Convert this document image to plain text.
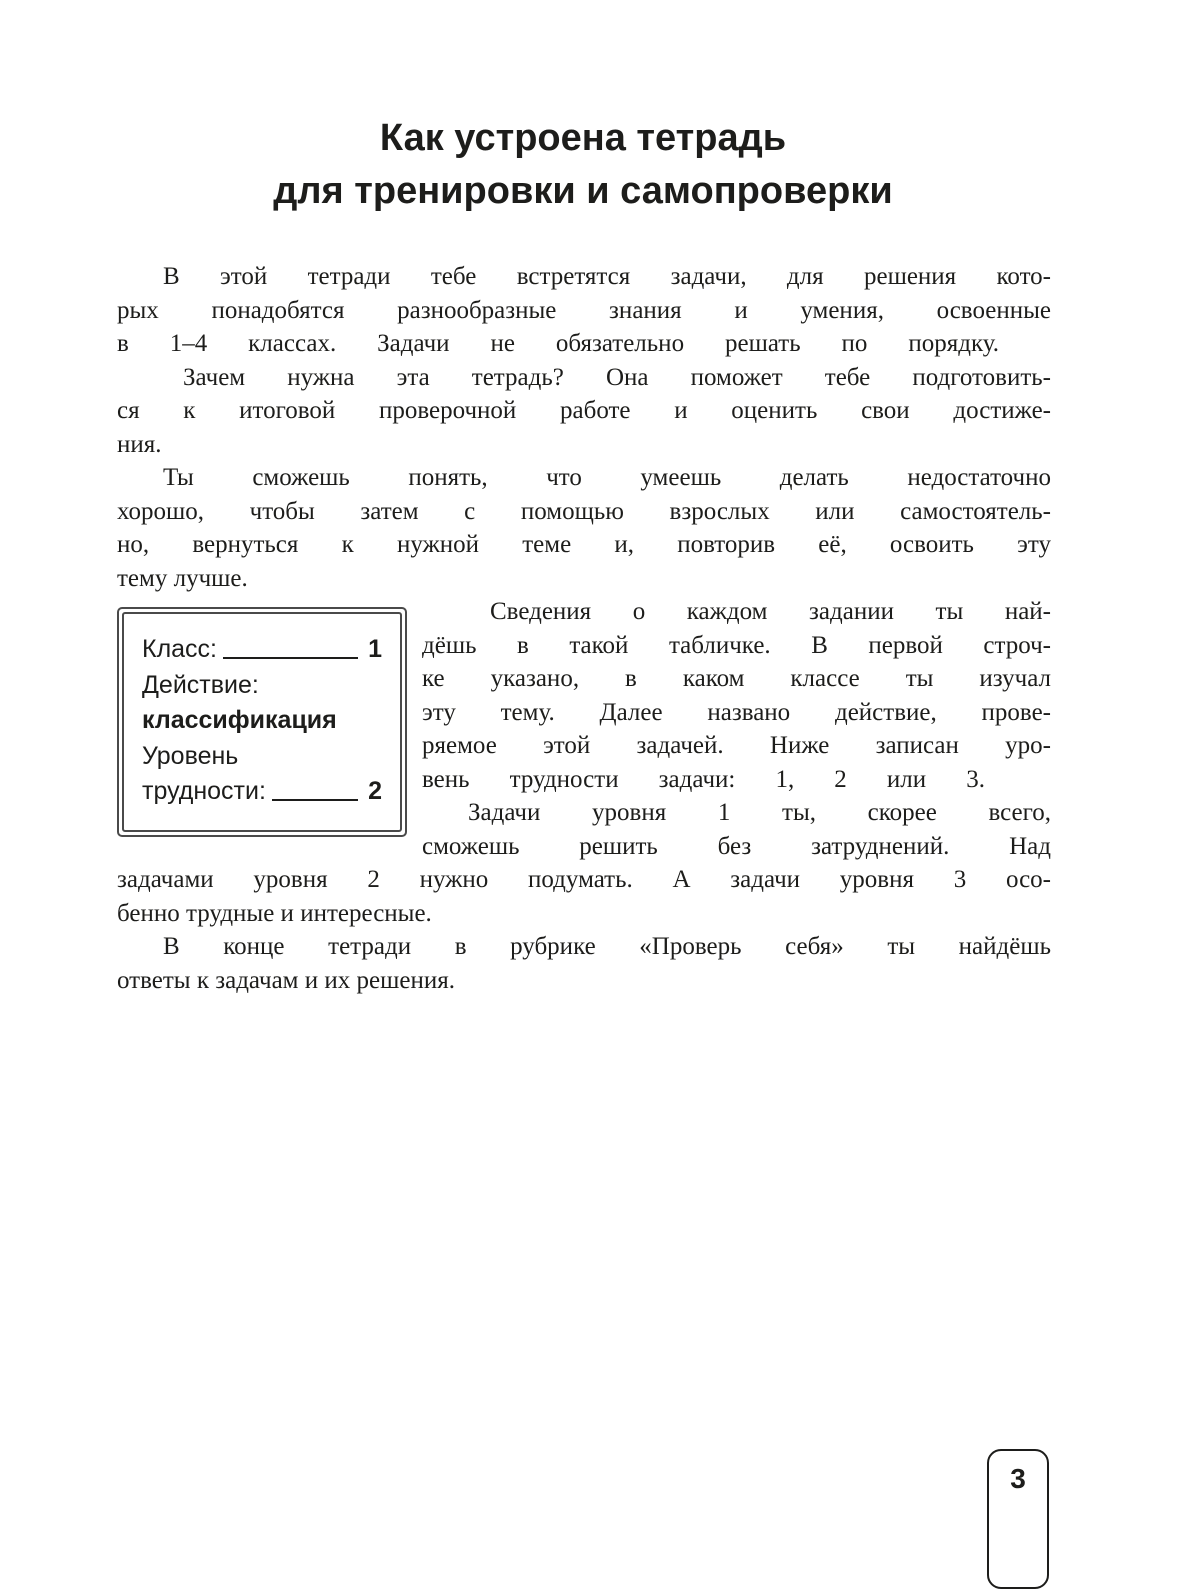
Как устроена тетрадь
для тренировки и самопроверки
В этой тетради тебе встретятся задачи, для решения кото-
рых понадобятся разнообразные знания и умения, освоенные
в 1–4 классах. Задачи не обязательно решать по порядку.
Зачем нужна эта тетрадь? Она поможет тебе подготовить-
ся к итоговой проверочной работе и оценить свои достиже-
ния.
Ты сможешь понять, что умеешь делать недостаточно
хорошо, чтобы затем с помощью взрослых или самостоятель-
но, вернуться к нужной теме и, повторив её, освоить эту
тему лучше.
Класс:	1
Действие:
классификация
Уровень
трудности:	2
Сведения о каждом задании ты най-
дёшь в такой табличке. В первой строч-
ке указано, в каком классе ты изучал
эту тему. Далее названо действие, прове-
ряемое этой задачей. Ниже записан уро-
вень трудности задачи: 1, 2 или 3.
Задачи уровня 1 ты, скорее всего,
сможешь решить без затруднений. Над
задачами уровня 2 нужно подумать. А задачи уровня 3 осо-
бенно трудные и интересные.
В конце тетради в рубрике «Проверь себя» ты найдёшь
ответы к задачам и их решения.
3
